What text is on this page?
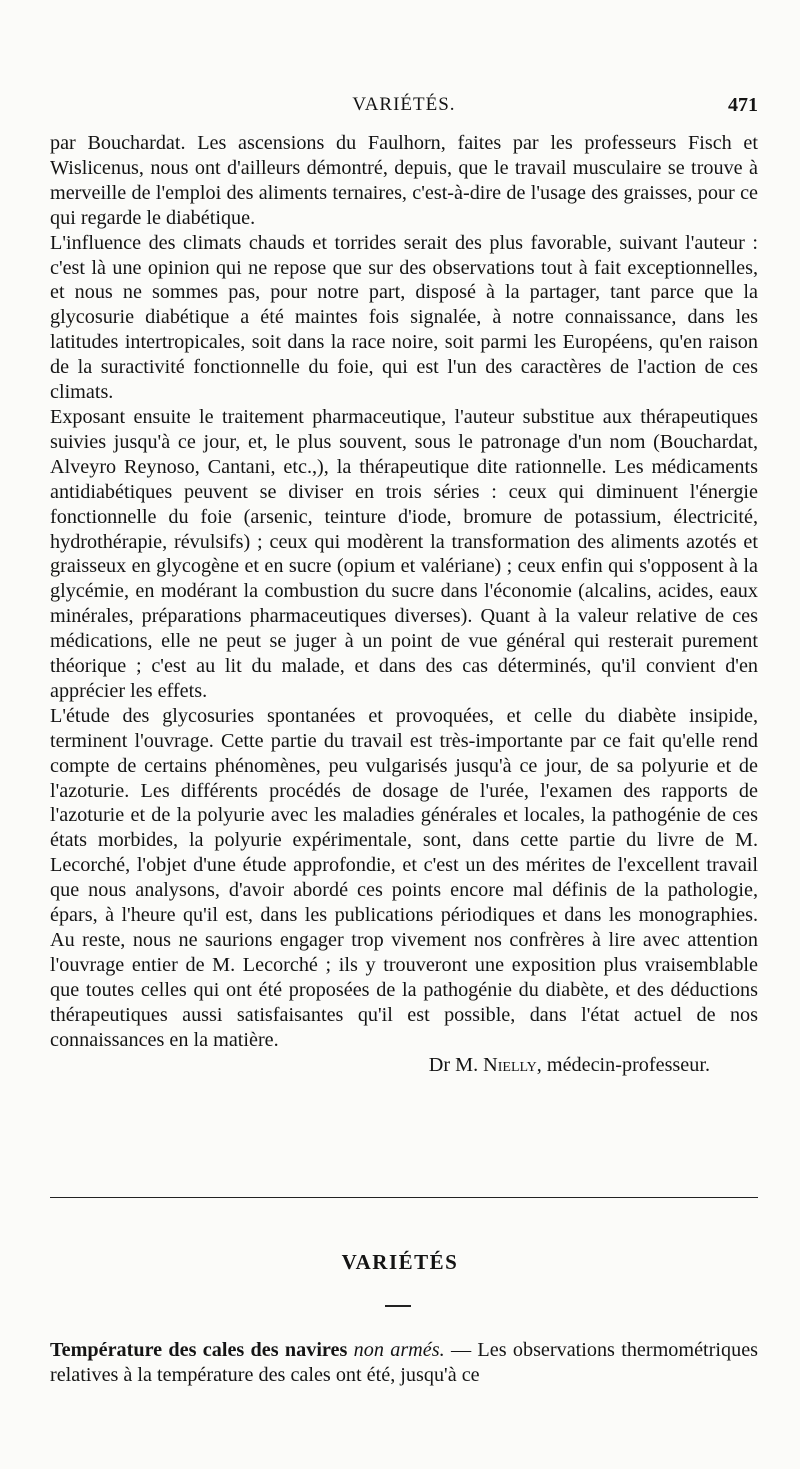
VARIÉTÉS.	471

par Bouchardat. Les ascensions du Faulhorn, faites par les professeurs Fisch et Wislicenus, nous ont d'ailleurs démontré, depuis, que le travail musculaire se trouve à merveille de l'emploi des aliments ternaires, c'est-à-dire de l'usage des graisses, pour ce qui regarde le diabétique.

L'influence des climats chauds et torrides serait des plus favorable, suivant l'auteur : c'est là une opinion qui ne repose que sur des observations tout à fait exceptionnelles, et nous ne sommes pas, pour notre part, disposé à la partager, tant parce que la glycosurie diabétique a été maintes fois signalée, à notre connaissance, dans les latitudes intertropicales, soit dans la race noire, soit parmi les Européens, qu'en raison de la suractivité fonctionnelle du foie, qui est l'un des caractères de l'action de ces climats.

Exposant ensuite le traitement pharmaceutique, l'auteur substitue aux thérapeutiques suivies jusqu'à ce jour, et, le plus souvent, sous le patronage d'un nom (Bouchardat, Alveyro Reynoso, Cantani, etc.,), la thérapeutique dite rationnelle. Les médicaments antidiabétiques peuvent se diviser en trois séries : ceux qui diminuent l'énergie fonctionnelle du foie (arsenic, teinture d'iode, bromure de potassium, électricité, hydrothérapie, révulsifs) ; ceux qui modèrent la transformation des aliments azotés et graisseux en glycogène et en sucre (opium et valériane) ; ceux enfin qui s'opposent à la glycémie, en modérant la combustion du sucre dans l'économie (alcalins, acides, eaux minérales, préparations pharmaceutiques diverses). Quant à la valeur relative de ces médications, elle ne peut se juger à un point de vue général qui resterait purement théorique ; c'est au lit du malade, et dans des cas déterminés, qu'il convient d'en apprécier les effets.

L'étude des glycosuries spontanées et provoquées, et celle du diabète insipide, terminent l'ouvrage. Cette partie du travail est très-importante par ce fait qu'elle rend compte de certains phénomènes, peu vulgarisés jusqu'à ce jour, de sa polyurie et de l'azoturie. Les différents procédés de dosage de l'urée, l'examen des rapports de l'azoturie et de la polyurie avec les maladies générales et locales, la pathogénie de ces états morbides, la polyurie expérimentale, sont, dans cette partie du livre de M. Lecorché, l'objet d'une étude approfondie, et c'est un des mérites de l'excellent travail que nous analysons, d'avoir abordé ces points encore mal définis de la pathologie, épars, à l'heure qu'il est, dans les publications périodiques et dans les monographies. Au reste, nous ne saurions engager trop vivement nos confrères à lire avec attention l'ouvrage entier de M. Lecorché ; ils y trouveront une exposition plus vraisemblable que toutes celles qui ont été proposées de la pathogénie du diabète, et des déductions thérapeutiques aussi satisfaisantes qu'il est possible, dans l'état actuel de nos connaissances en la matière.

Dr M. Nielly, médecin-professeur.

VARIÉTÉS

Température des cales des navires non armés. — Les observations thermométriques relatives à la température des cales ont été, jusqu'à ce
